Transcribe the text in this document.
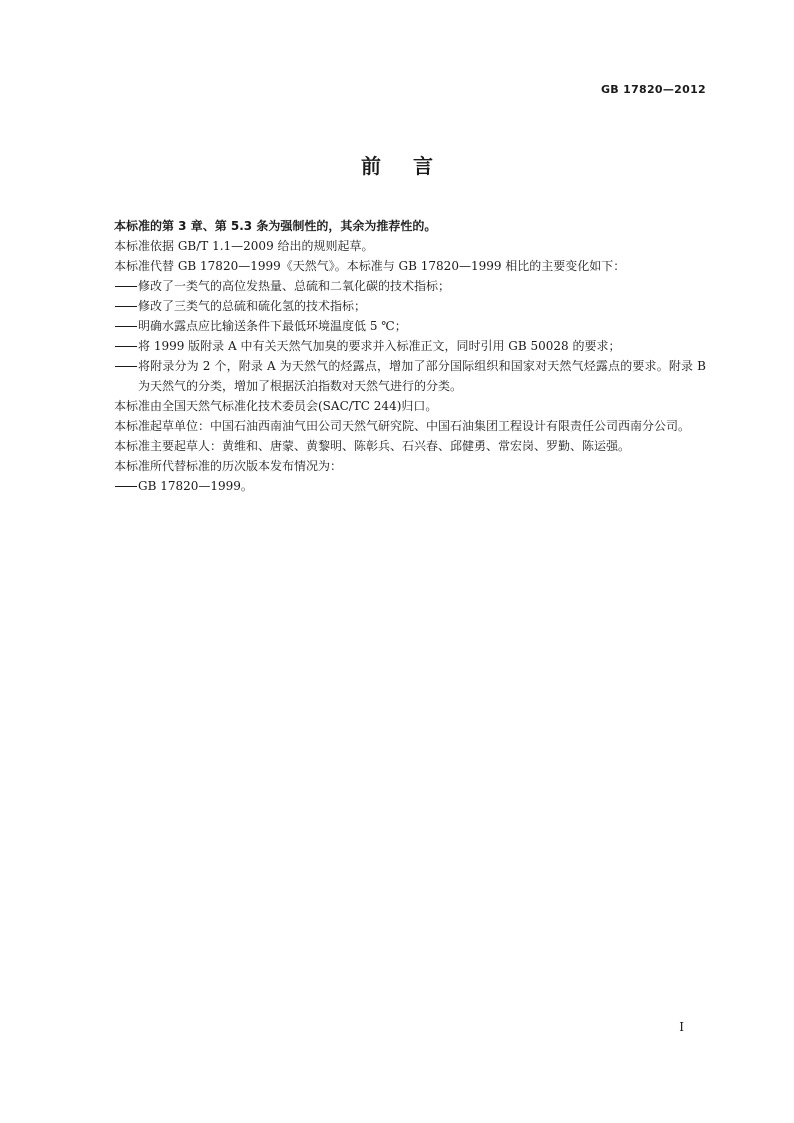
GB 17820—2012
前言

本标准的第 3 章、第 5.3 条为强制性的，其余为推荐性的。

本标准依据 GB/T 1.1—2009 给出的规则起草。

本标准代替 GB 17820—1999《天然气》。本标准与 GB 17820—1999 相比的主要变化如下：

修改了一类气的高位发热量、总硫和二氧化碳的技术指标；
修改了三类气的总硫和硫化氢的技术指标；
明确水露点应比输送条件下最低环境温度低 5 ℃；
将 1999 版附录 A 中有关天然气加臭的要求并入标准正文，同时引用 GB 50028 的要求；
将附录分为 2 个，附录 A 为天然气的烃露点，增加了部分国际组织和国家对天然气烃露点的要求。附录 B 为天然气的分类，增加了根据沃泊指数对天然气进行的分类。

本标准由全国天然气标准化技术委员会(SAC/TC 244)归口。

本标准起草单位：中国石油西南油气田公司天然气研究院、中国石油集团工程设计有限责任公司西南分公司。

本标准主要起草人：黄维和、唐蒙、黄黎明、陈彰兵、石兴春、邱健勇、常宏岗、罗勤、陈运强。

本标准所代替标准的历次版本发布情况为：

GB 17820—1999。
I
